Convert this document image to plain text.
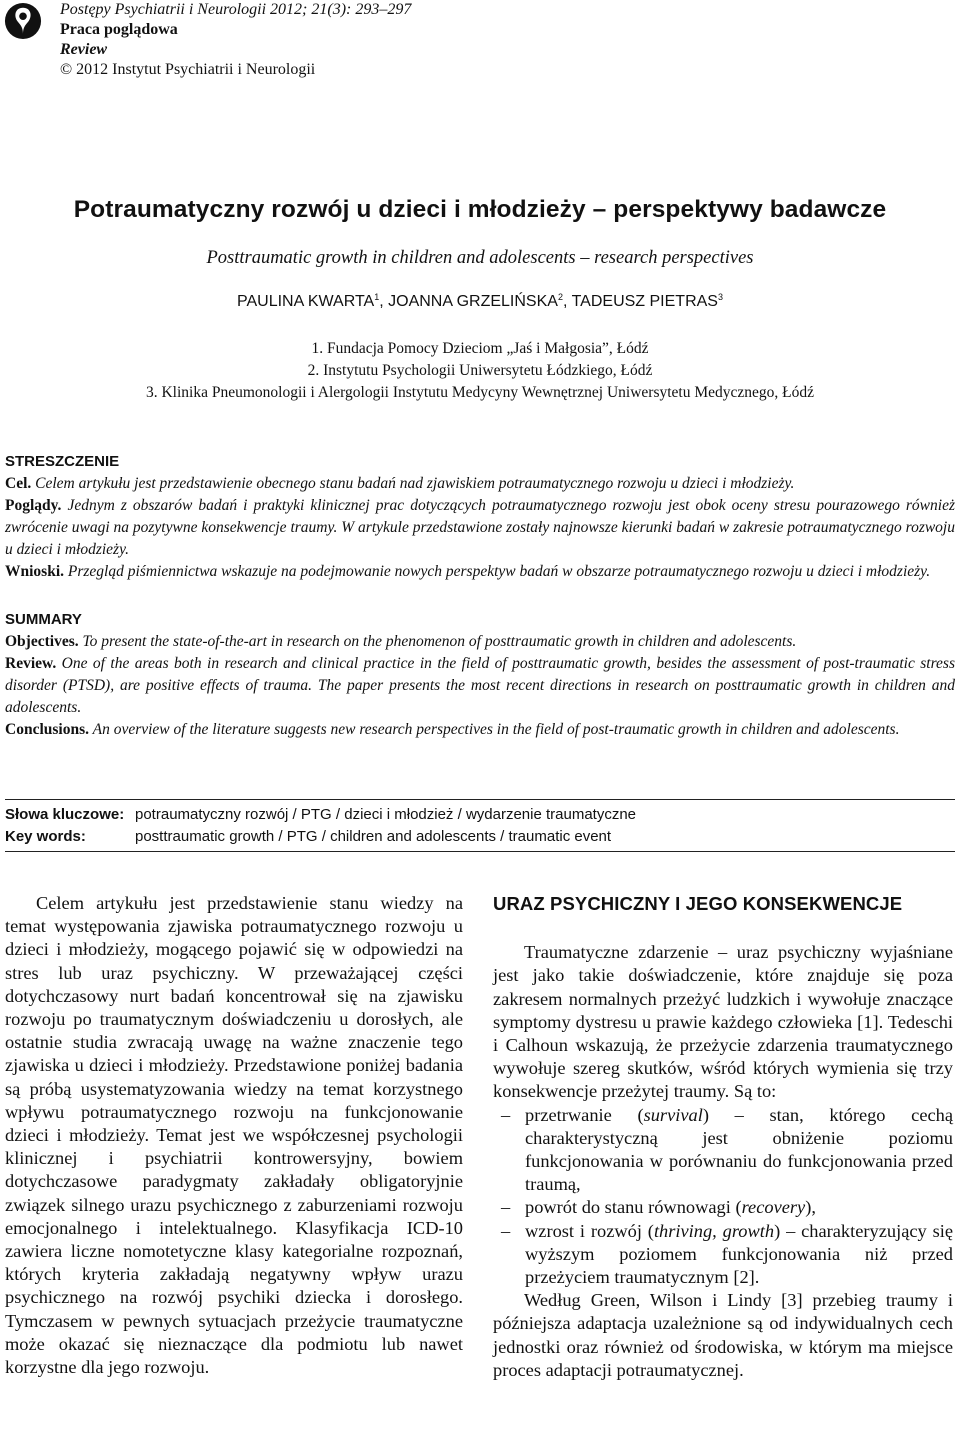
Postępy Psychiatrii i Neurologii 2012; 21(3): 293–297
Praca poglądowa
Review
© 2012 Instytut Psychiatrii i Neurologii
Potraumatyczny rozwój u dzieci i młodzieży – perspektywy badawcze
Posttraumatic growth in children and adolescents – research perspectives
PAULINA KWARTA$^1$, JOANNA GRZELIŃSKA$^2$, TADEUSZ PIETRAS$^3$
1. Fundacja Pomocy Dzieciom „Jaś i Małgosia”, Łódź
2. Instytutu Psychologii Uniwersytetu Łódzkiego, Łódź
3. Klinika Pneumonologii i Alergologii Instytutu Medycyny Wewnętrznej Uniwersytetu Medycznego, Łódź

STRESZCZENIE

Cel. Celem artykułu jest przedstawienie obecnego stanu badań nad zjawiskiem potraumatycznego rozwoju u dzieci i młodzieży.

Poglądy. Jednym z obszarów badań i praktyki klinicznej prac dotyczących potraumatycznego rozwoju jest obok oceny stresu pourazowego również zwrócenie uwagi na pozytywne konsekwencje traumy. W artykule przedstawione zostały najnowsze kierunki badań w zakresie potraumatycznego rozwoju u dzieci i młodzieży.

Wnioski. Przegląd piśmiennictwa wskazuje na podejmowanie nowych perspektyw badań w obszarze potraumatycznego rozwoju u dzieci i młodzieży.

SUMMARY

Objectives. To present the state-of-the-art in research on the phenomenon of posttraumatic growth in children and adolescents.

Review. One of the areas both in research and clinical practice in the field of posttraumatic growth, besides the assessment of post-traumatic stress disorder (PTSD), are positive effects of trauma. The paper presents the most recent directions in research on posttraumatic growth in children and adolescents.

Conclusions. An overview of the literature suggests new research perspectives in the field of post-traumatic growth in children and adolescents.

Słowa kluczowe: potraumatyczny rozwój / PTG / dzieci i młodzież / wydarzenie traumatyczne
Key words:	posttraumatic growth / PTG / children and adolescents / traumatic event

Celem artykułu jest przedstawienie stanu wiedzy na temat występowania zjawiska potraumatycznego rozwoju u dzieci i młodzieży, mogącego pojawić się w odpowiedzi na stres lub uraz psychiczny. W przeważającej części dotychczasowy nurt badań koncentrował się na zjawisku rozwoju po traumatycznym doświadczeniu u dorosłych, ale ostatnie studia zwracają uwagę na ważne znaczenie tego zjawiska u dzieci i młodzieży. Przedstawione poniżej badania są próbą usystematyzowania wiedzy na temat korzystnego wpływu potraumatycznego rozwoju na funkcjonowanie dzieci i młodzieży. Temat jest we współczesnej psychologii klinicznej i psychiatrii kontrowersyjny, bowiem dotychczasowe paradygmaty zakładały obligatoryjnie związek silnego urazu psychicznego z zaburzeniami rozwoju emocjonalnego i intelektualnego. Klasyfikacja ICD-10 zawiera liczne nomotetyczne klasy kategorialne rozpoznań, których kryteria zakładają negatywny wpływ urazu psychicznego na rozwój psychiki dziecka i dorosłego. Tymczasem w pewnych sytuacjach przeżycie traumatyczne może okazać się nieznaczące dla podmiotu lub nawet korzystne dla jego rozwoju.

URAZ PSYCHICZNY I JEGO KONSEKWENCJE

Traumatyczne zdarzenie – uraz psychiczny wyjaśniane jest jako takie doświadczenie, które znajduje się poza zakresem normalnych przeżyć ludzkich i wywołuje znaczące symptomy dystresu u prawie każdego człowieka [1]. Tedeschi i Calhoun wskazują, że przeżycie zdarzenia traumatycznego wywołuje szereg skutków, wśród których wymienia się trzy konsekwencje przeżytej traumy. Są to:

– przetrwanie (survival) – stan, którego cechą charakterystyczną jest obniżenie poziomu funkcjonowania w porównaniu do funkcjonowania przed traumą,
– powrót do stanu równowagi (recovery),
– wzrost i rozwój (thriving, growth) – charakteryzujący się wyższym poziomem funkcjonowania niż przed przeżyciem traumatycznym [2].

Według Green, Wilson i Lindy [3] przebieg traumy i późniejsza adaptacja uzależnione są od indywidualnych cech jednostki oraz również od środowiska, w którym ma miejsce proces adaptacji potraumatycznej.
